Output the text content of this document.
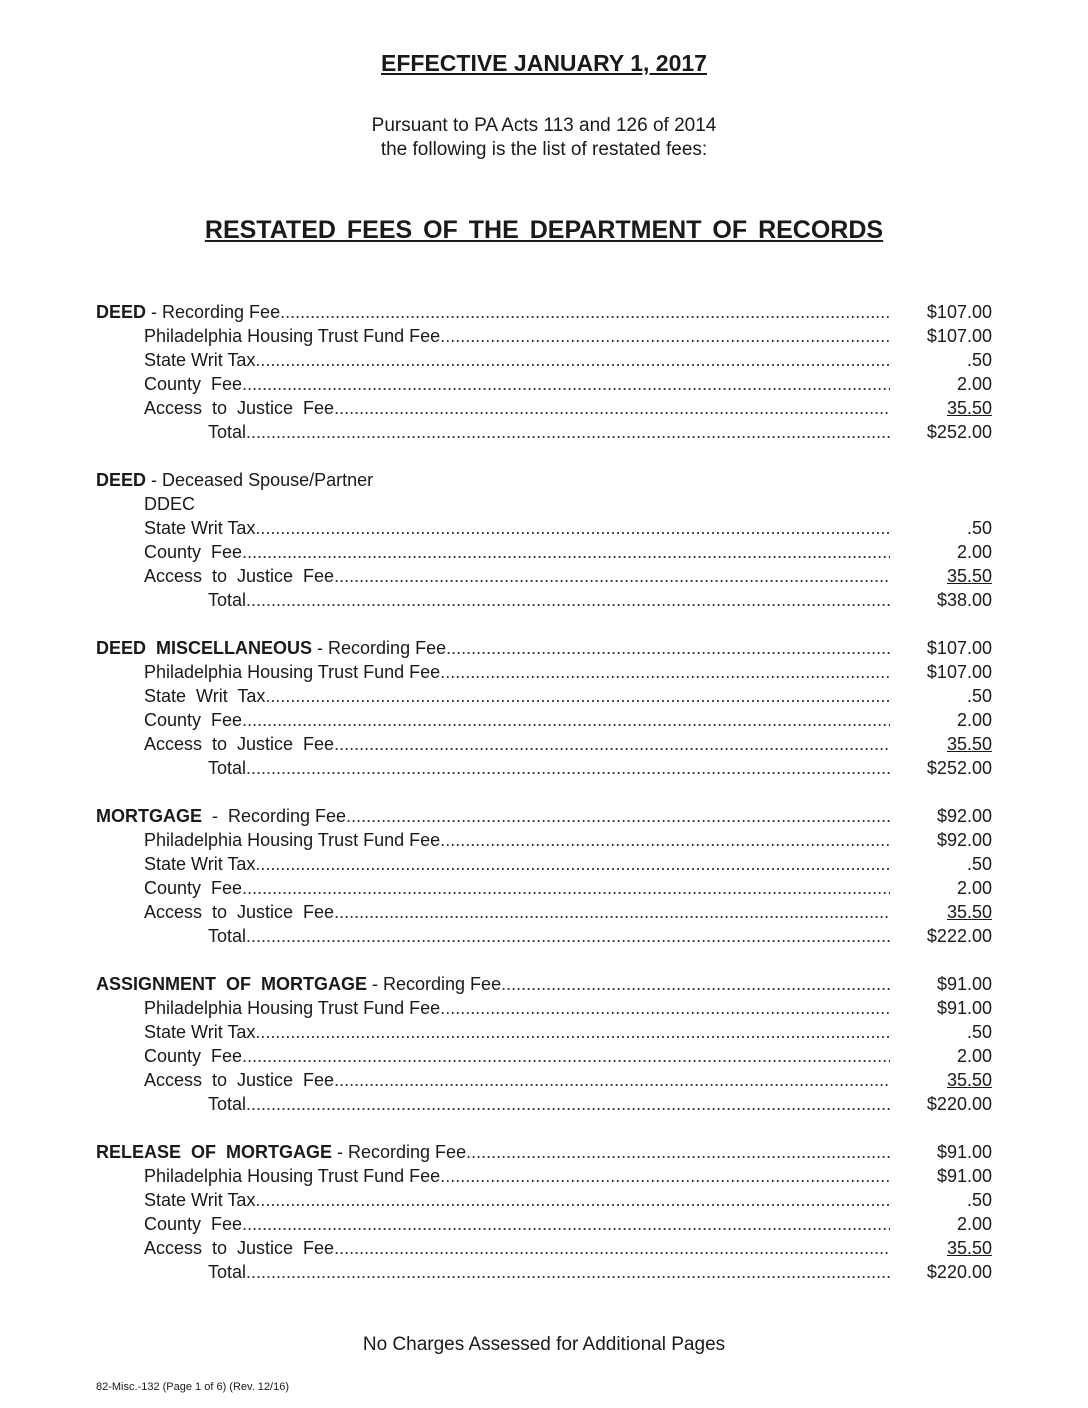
EFFECTIVE JANUARY 1, 2017
Pursuant to PA Acts 113 and 126 of 2014
the following is the list of restated fees:
RESTATED FEES OF THE DEPARTMENT OF RECORDS
DEED - Recording Fee .....	$107.00
Philadelphia Housing Trust Fund Fee .....	$107.00
State Writ Tax .....	.50
County  Fee .....	2.00
Access  to  Justice  Fee .....	35.50
Total .....	$252.00
DEED - Deceased Spouse/Partner
DDEC
State Writ Tax .....	.50
County  Fee .....	2.00
Access  to  Justice  Fee .....	35.50
Total .....	$38.00
DEED  MISCELLANEOUS - Recording Fee .....	$107.00
Philadelphia Housing Trust Fund Fee .....	$107.00
State  Writ  Tax .....	.50
County  Fee .....	2.00
Access  to  Justice  Fee .....	35.50
Total .....	$252.00
MORTGAGE  -  Recording Fee .....	$92.00
Philadelphia Housing Trust Fund Fee .....	$92.00
State Writ Tax .....	.50
County  Fee .....	2.00
Access  to  Justice  Fee .....	35.50
Total .....	$222.00
ASSIGNMENT  OF  MORTGAGE - Recording Fee .....	$91.00
Philadelphia Housing Trust Fund Fee .....	$91.00
State Writ Tax .....	.50
County  Fee .....	2.00
Access  to  Justice  Fee .....	35.50
Total .....	$220.00
RELEASE  OF  MORTGAGE - Recording Fee .....	$91.00
Philadelphia Housing Trust Fund Fee .....	$91.00
State Writ Tax .....	.50
County  Fee .....	2.00
Access  to  Justice  Fee .....	35.50
Total .....	$220.00
No Charges Assessed for Additional Pages
82-Misc.-132 (Page 1 of 6) (Rev. 12/16)
